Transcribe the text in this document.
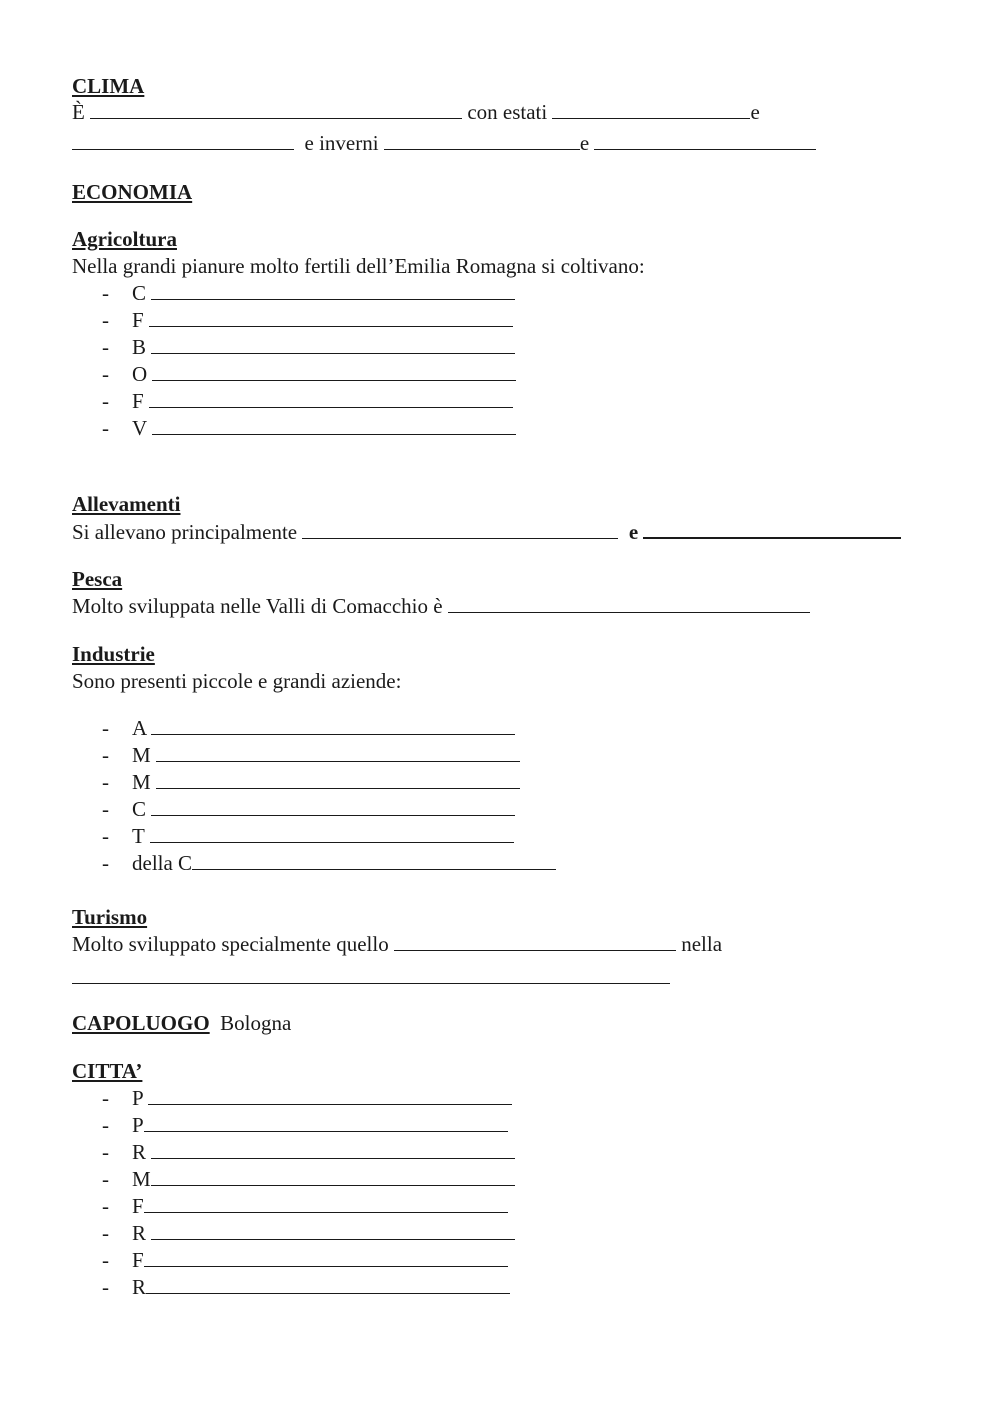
CLIMA
È	con estati	e
e inverni	e
ECONOMIA
Agricoltura
Nella grandi pianure molto fertili dell’Emilia Romagna si coltivano:
- C
- F
- B
- O
- F
- V
Allevamenti
Si allevano principalmente	e
Pesca
Molto sviluppata nelle Valli di Comacchio è
Industrie
Sono presenti piccole e grandi aziende:
- A
- M
- M
- C
- T
- della C
Turismo
Molto sviluppato specialmente quello	nella
CAPOLUOGO Bologna
CITTA’
- P
- P
- R
- M
- F
- R
- F
- R
